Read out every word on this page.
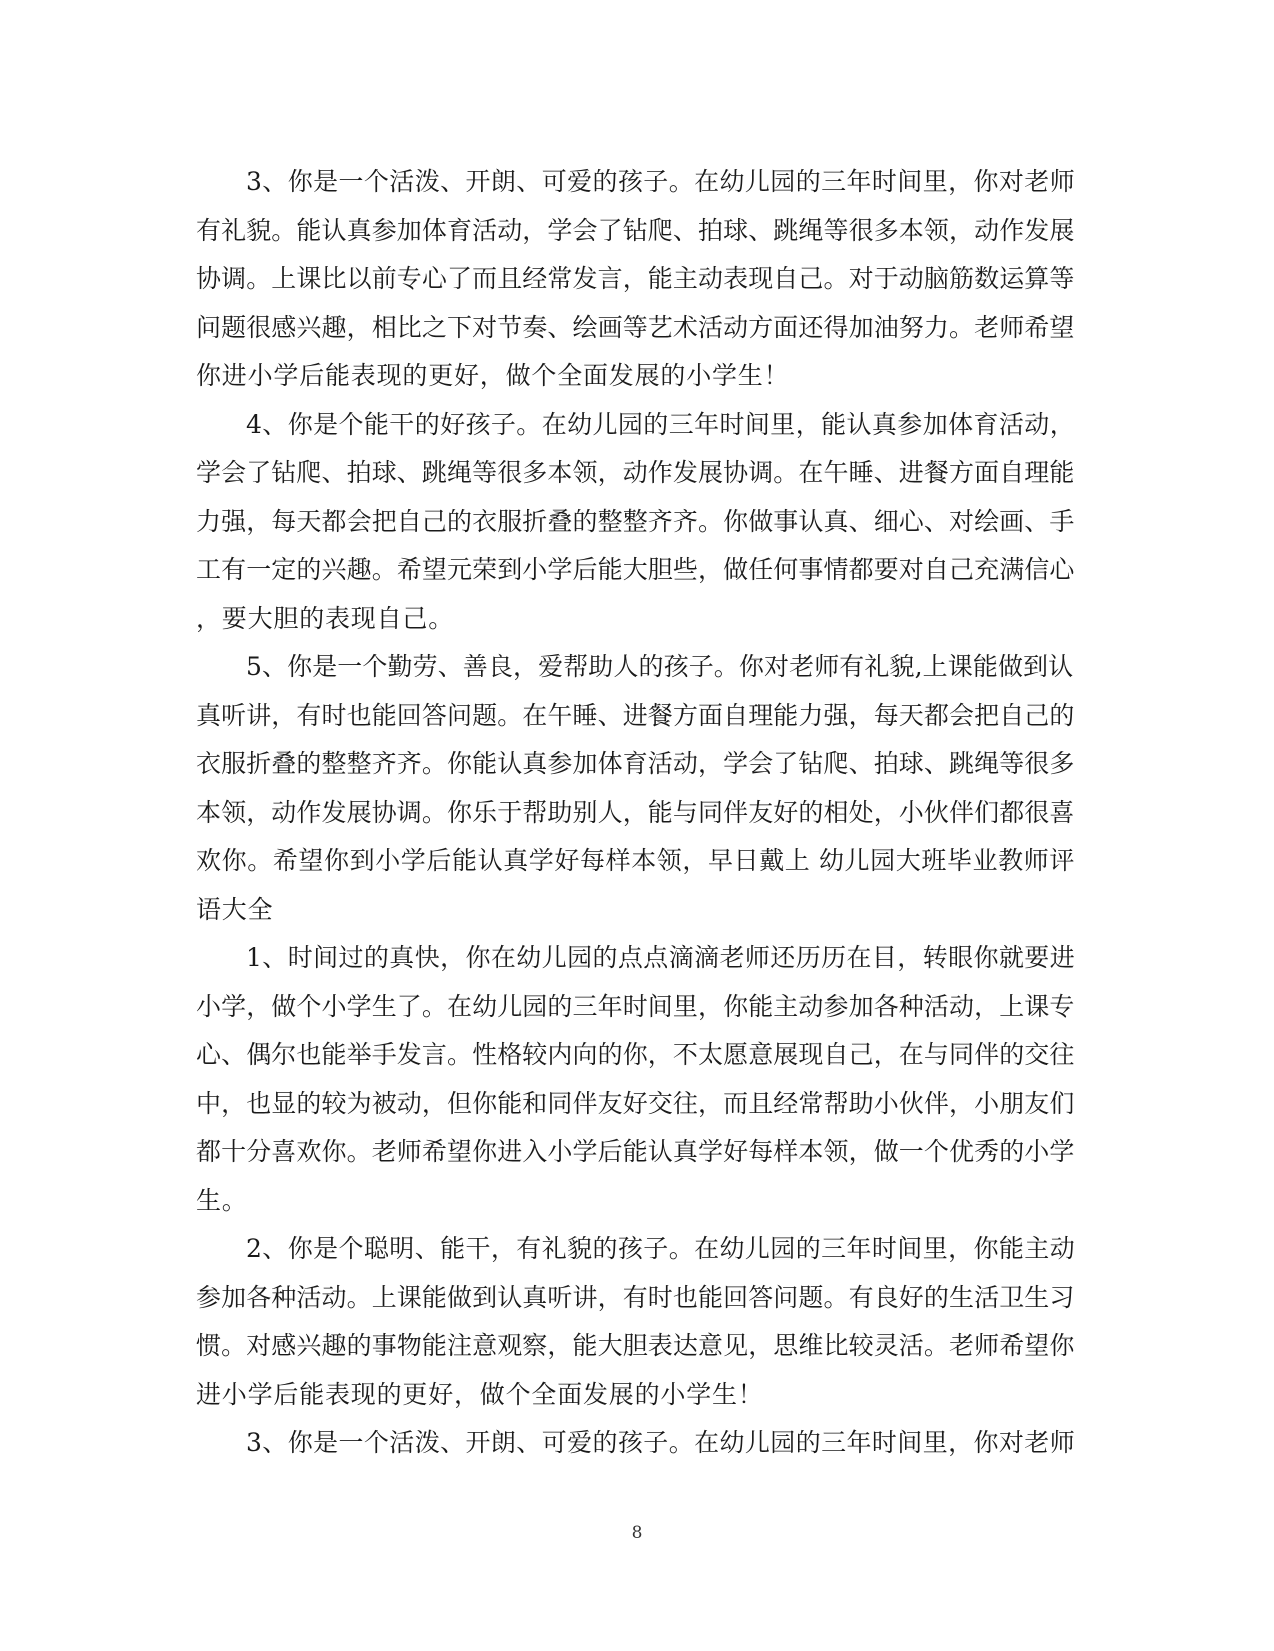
3、你是一个活泼、开朗、可爱的孩子。在幼儿园的三年时间里，你对老师
有礼貌。能认真参加体育活动，学会了钻爬、拍球、跳绳等很多本领，动作发展
协调。上课比以前专心了而且经常发言，能主动表现自己。对于动脑筋数运算等
问题很感兴趣，相比之下对节奏、绘画等艺术活动方面还得加油努力。老师希望
你进小学后能表现的更好，做个全面发展的小学生！
4、你是个能干的好孩子。在幼儿园的三年时间里，能认真参加体育活动，
学会了钻爬、拍球、跳绳等很多本领，动作发展协调。在午睡、进餐方面自理能
力强，每天都会把自己的衣服折叠的整整齐齐。你做事认真、细心、对绘画、手
工有一定的兴趣。希望元荣到小学后能大胆些，做任何事情都要对自己充满信心
，要大胆的表现自己。
5、你是一个勤劳、善良，爱帮助人的孩子。你对老师有礼貌,上课能做到认
真听讲，有时也能回答问题。在午睡、进餐方面自理能力强，每天都会把自己的
衣服折叠的整整齐齐。你能认真参加体育活动，学会了钻爬、拍球、跳绳等很多
本领，动作发展协调。你乐于帮助别人，能与同伴友好的相处，小伙伴们都很喜
欢你。希望你到小学后能认真学好每样本领，早日戴上 幼儿园大班毕业教师评
语大全
1、时间过的真快，你在幼儿园的点点滴滴老师还历历在目，转眼你就要进
小学，做个小学生了。在幼儿园的三年时间里，你能主动参加各种活动，上课专
心、偶尔也能举手发言。性格较内向的你，不太愿意展现自己，在与同伴的交往
中，也显的较为被动，但你能和同伴友好交往，而且经常帮助小伙伴，小朋友们
都十分喜欢你。老师希望你进入小学后能认真学好每样本领，做一个优秀的小学
生。
2、你是个聪明、能干，有礼貌的孩子。在幼儿园的三年时间里，你能主动
参加各种活动。上课能做到认真听讲，有时也能回答问题。有良好的生活卫生习
惯。对感兴趣的事物能注意观察，能大胆表达意见，思维比较灵活。老师希望你
进小学后能表现的更好，做个全面发展的小学生！
3、你是一个活泼、开朗、可爱的孩子。在幼儿园的三年时间里，你对老师
8
